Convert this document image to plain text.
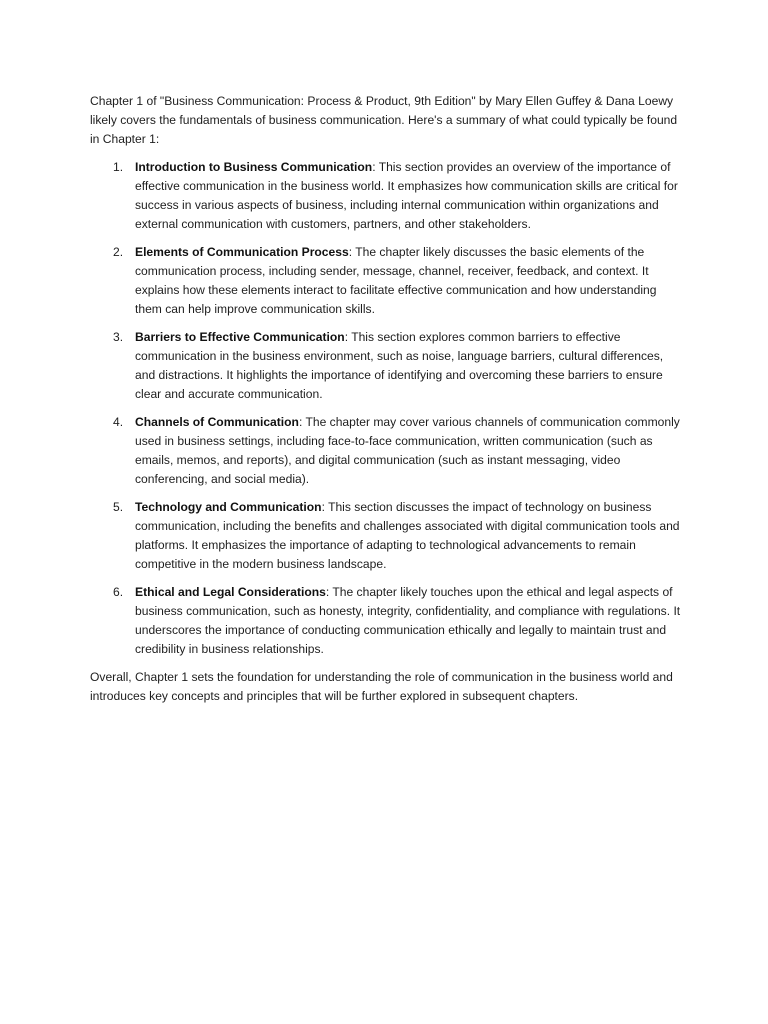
Chapter 1 of "Business Communication: Process & Product, 9th Edition" by Mary Ellen Guffey & Dana Loewy likely covers the fundamentals of business communication. Here's a summary of what could typically be found in Chapter 1:

1. Introduction to Business Communication: This section provides an overview of the importance of effective communication in the business world. It emphasizes how communication skills are critical for success in various aspects of business, including internal communication within organizations and external communication with customers, partners, and other stakeholders.
2. Elements of Communication Process: The chapter likely discusses the basic elements of the communication process, including sender, message, channel, receiver, feedback, and context. It explains how these elements interact to facilitate effective communication and how understanding them can help improve communication skills.
3. Barriers to Effective Communication: This section explores common barriers to effective communication in the business environment, such as noise, language barriers, cultural differences, and distractions. It highlights the importance of identifying and overcoming these barriers to ensure clear and accurate communication.
4. Channels of Communication: The chapter may cover various channels of communication commonly used in business settings, including face-to-face communication, written communication (such as emails, memos, and reports), and digital communication (such as instant messaging, video conferencing, and social media).
5. Technology and Communication: This section discusses the impact of technology on business communication, including the benefits and challenges associated with digital communication tools and platforms. It emphasizes the importance of adapting to technological advancements to remain competitive in the modern business landscape.
6. Ethical and Legal Considerations: The chapter likely touches upon the ethical and legal aspects of business communication, such as honesty, integrity, confidentiality, and compliance with regulations. It underscores the importance of conducting communication ethically and legally to maintain trust and credibility in business relationships.

Overall, Chapter 1 sets the foundation for understanding the role of communication in the business world and introduces key concepts and principles that will be further explored in subsequent chapters.
